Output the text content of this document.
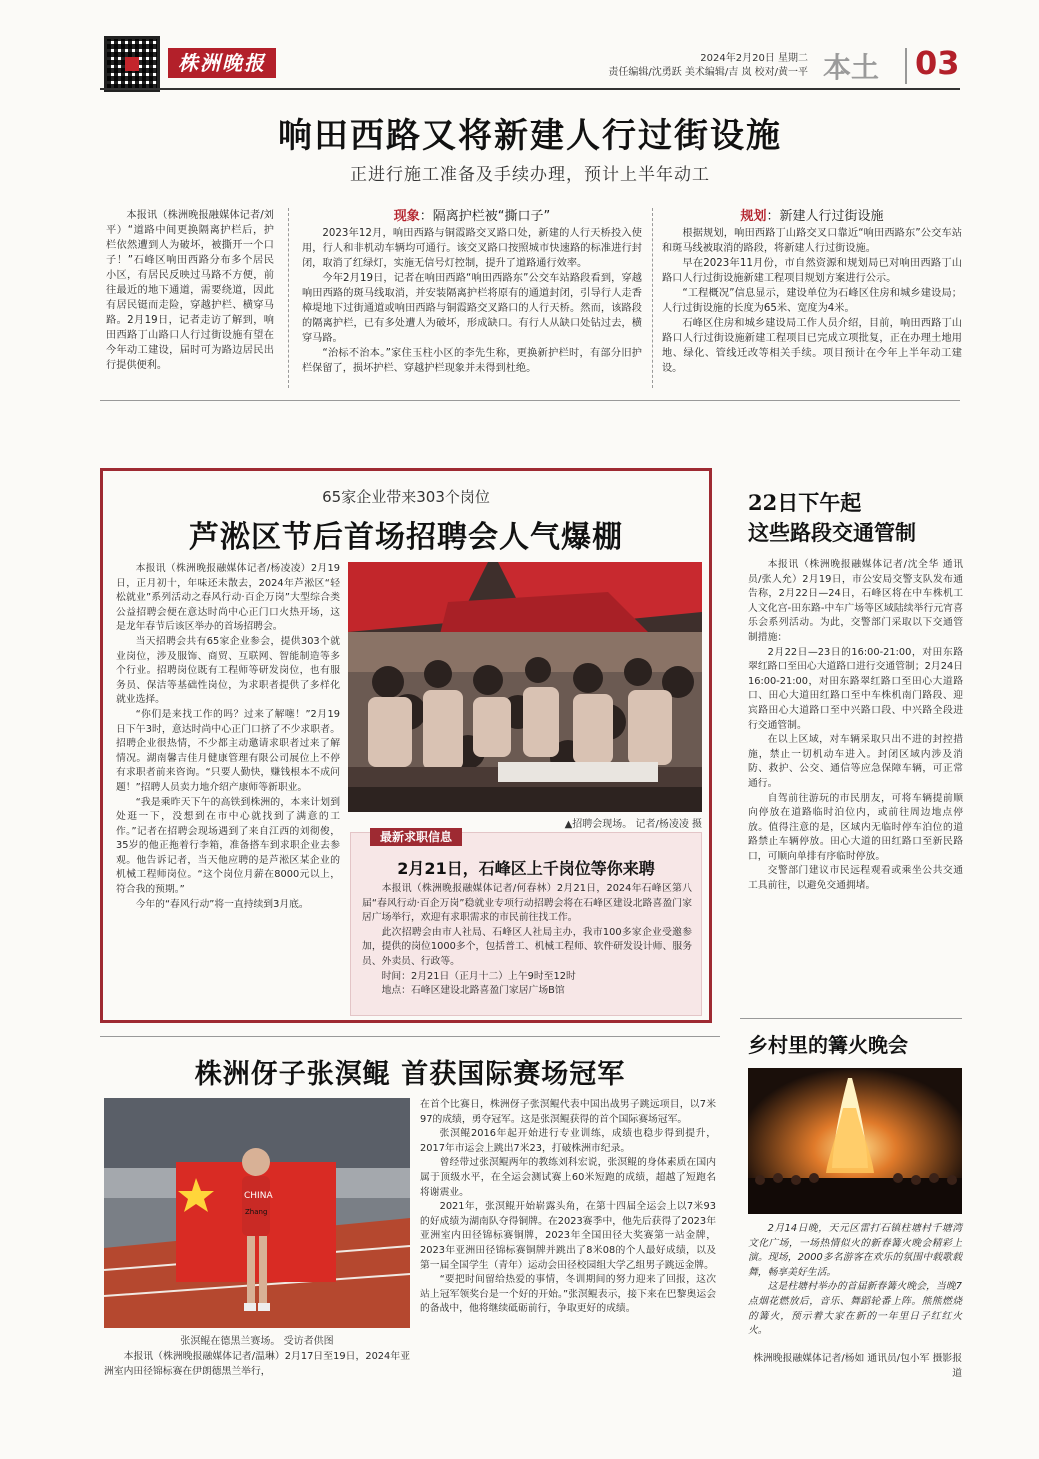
株洲晚报	2024年2月20日 星期二
责任编辑/沈勇跃 美术编辑/吉 岚 校对/黄一平 本土 03
响田西路又将新建人行过街设施
正进行施工准备及手续办理，预计上半年动工

本报讯（株洲晚报融媒体记者/刘平）“道路中间更换隔离护栏后，护栏依然遭到人为破坏，被撕开一个口子！”石峰区响田西路分布多个居民小区，有居民反映过马路不方便，前往最近的地下通道，需要绕道，因此有居民铤而走险，穿越护栏、横穿马路。2月19日，记者走访了解到，响田西路丁山路口人行过街设施有望在今年动工建设，届时可为路边居民出行提供便利。

现象：隔离护栏被“撕口子”

2023年12月，响田西路与铜霞路交叉路口处，新建的人行天桥投入使用，行人和非机动车辆均可通行。该交叉路口按照城市快速路的标准进行封闭，取消了红绿灯，实施无信号灯控制，提升了道路通行效率。

今年2月19日，记者在响田西路“响田西路东”公交车站路段看到，穿越响田西路的斑马线取消，并安装隔离护栏将原有的通道封闭，引导行人走香樟堤地下过街通道或响田西路与铜霞路交叉路口的人行天桥。然而，该路段的隔离护栏，已有多处遭人为破坏，形成缺口。有行人从缺口处钻过去，横穿马路。

“治标不治本。”家住玉柱小区的李先生称，更换新护栏时，有部分旧护栏保留了，损坏护栏、穿越护栏现象并未得到杜绝。

规划：新建人行过街设施

根据规划，响田西路丁山路交叉口靠近“响田西路东”公交车站和斑马线被取消的路段，将新建人行过街设施。

早在2023年11月份，市自然资源和规划局已对响田西路丁山路口人行过街设施新建工程项目规划方案进行公示。

“工程概况”信息显示，建设单位为石峰区住房和城乡建设局；人行过街设施的长度为65米、宽度为4米。

石峰区住房和城乡建设局工作人员介绍，目前，响田西路丁山路口人行过街设施新建工程项目已完成立项批复，正在办理土地用地、绿化、管线迁改等相关手续。项目预计在今年上半年动工建设。

65家企业带来303个岗位
芦淞区节后首场招聘会人气爆棚

本报讯（株洲晚报融媒体记者/杨凌凌）2月19日，正月初十，年味还未散去，2024年芦淞区“轻松就业”系列活动之春风行动·百企万岗”大型综合类公益招聘会便在意达时尚中心正门口火热开场，这是龙年春节后该区举办的首场招聘会。

当天招聘会共有65家企业参会，提供303个就业岗位，涉及服饰、商贸、互联网、智能制造等多个行业。招聘岗位既有工程师等研发岗位，也有服务员、保洁等基础性岗位，为求职者提供了多样化就业选择。

“你们是来找工作的吗？过来了解噻！”2月19日下午3时，意达时尚中心正门口挤了不少求职者。招聘企业很热情，不少都主动邀请求职者过来了解情况。湖南馨吉佳月健康管理有限公司展位上不停有求职者前来咨询。“只要人勤快，赚钱根本不成问题！”招聘人员卖力地介绍产康师等新职业。

“我是乘昨天下午的高铁到株洲的，本来计划到处逛一下，没想到在市中心就找到了满意的工作。”记者在招聘会现场遇到了来自江西的刘彻俊，35岁的他正拖着行李箱，准备搭车到求职企业去参观。他告诉记者，当天他应聘的是芦淞区某企业的机械工程师岗位。“这个岗位月薪在8000元以上，符合我的预期。”

今年的“春风行动”将一直持续到3月底。

▲招聘会现场。 记者/杨凌凌 摄
最新求职信息
2月21日，石峰区上千岗位等你来聘

本报讯（株洲晚报融媒体记者/何春林）2月21日，2024年石峰区第八届“春风行动·百企万岗”稳就业专项行动招聘会将在石峰区建设北路喜盈门家居广场举行，欢迎有求职需求的市民前往找工作。

此次招聘会由市人社局、石峰区人社局主办，我市100多家企业受邀参加，提供的岗位1000多个，包括普工、机械工程师、软件研发设计师、服务员、外卖员、行政等。

时间：2月21日（正月十二）上午9时至12时

地点：石峰区建设北路喜盈门家居广场B馆

22日下午起
这些路段交通管制

本报讯（株洲晚报融媒体记者/沈全华 通讯员/张人允）2月19日，市公安局交警支队发布通告称，2月22日—24日，石峰区将在中车株机工人文化宫-田东路-中车广场等区域陆续举行元宵喜乐会系列活动。为此，交警部门采取以下交通管制措施：

2月22日—23日的16:00-21:00，对田东路翠红路口至田心大道路口进行交通管制；2月24日16:00-21:00，对田东路翠红路口至田心大道路口、田心大道田红路口至中车株机南门路段、迎宾路田心大道路口至中兴路口段、中兴路全段进行交通管制。

在以上区域，对车辆采取只出不进的封控措施，禁止一切机动车进入。封闭区域内涉及消防、救护、公交、通信等应急保障车辆，可正常通行。

自驾前往游玩的市民朋友，可将车辆提前顺向停放在道路临时泊位内，或前往周边地点停放。值得注意的是，区域内无临时停车泊位的道路禁止车辆停放。田心大道的田红路口至新民路口，可顺向单排有序临时停放。

交警部门建议市民远程观看或乘坐公共交通工具前往，以避免交通拥堵。

乡村里的篝火晚会

2月14日晚，天元区雷打石镇柱塘村千塘湾文化广场，一场热情似火的新春篝火晚会精彩上演。现场，2000多名游客在欢乐的氛围中载歌载舞，畅享美好生活。

这是柱塘村举办的首届新春篝火晚会，当晚7点烟花燃放后，音乐、舞蹈轮番上阵。熊熊燃烧的篝火，预示着大家在新的一年里日子红红火火。

株洲晚报融媒体记者/杨如 通讯员/包小军 摄影报道
株洲伢子张溟鲲 首获国际赛场冠军
CHINA
Zhang
张溟鲲在德黑兰赛场。 受访者供图

本报讯（株洲晚报融媒体记者/温琳）2月17日至19日，2024年亚洲室内田径锦标赛在伊朗德黑兰举行，

在首个比赛日，株洲伢子张溟鲲代表中国出战男子跳远项目，以7米97的成绩，勇夺冠军。这是张溟鲲获得的首个国际赛场冠军。

张溟鲲2016年起开始进行专业训练，成绩也稳步得到提升，2017年市运会上跳出7米23，打破株洲市纪录。

曾经带过张溟鲲两年的教练刘科宏说，张溟鲲的身体素质在国内属于顶级水平，在全运会测试赛上60米短跑的成绩，超越了短跑名将谢震业。

2021年，张溟鲲开始崭露头角，在第十四届全运会上以7米93的好成绩为湖南队夺得铜牌。在2023赛季中，他先后获得了2023年亚洲室内田径锦标赛铜牌，2023年全国田径大奖赛第一站金牌，2023年亚洲田径锦标赛铜牌并跳出了8米08的个人最好成绩，以及第一届全国学生（青年）运动会田径校园组大学乙组男子跳远金牌。

“要把时间留给热爱的事情，冬训期间的努力迎来了回报，这次站上冠军领奖台是一个好的开始。”张溟鲲表示，接下来在巴黎奥运会的备战中，他将继续砥砺前行，争取更好的成绩。
